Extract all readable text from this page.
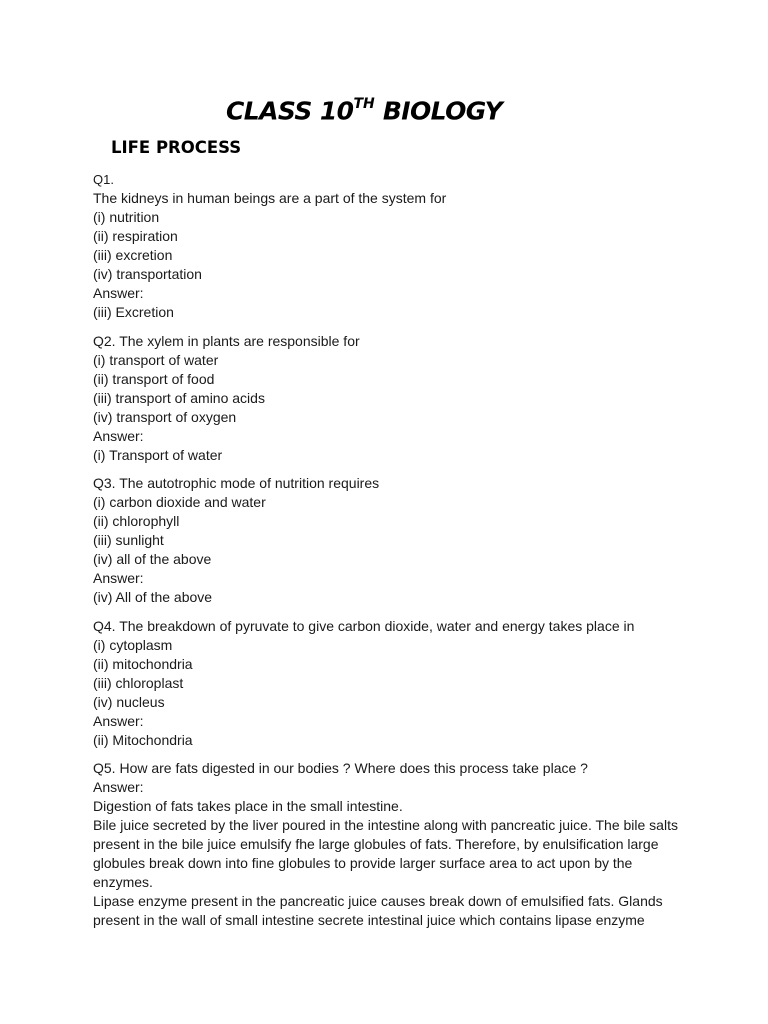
CLASS 10TH BIOLOGY
LIFE PROCESS
Q1.
The kidneys in human beings are a part of the system for
(i) nutrition
(ii) respiration
(iii) excretion
(iv) transportation
Answer:
(iii) Excretion
Q2. The xylem in plants are responsible for
(i) transport of water
(ii) transport of food
(iii) transport of amino acids
(iv) transport of oxygen
Answer:
(i) Transport of water
Q3. The autotrophic mode of nutrition requires
(i) carbon dioxide and water
(ii) chlorophyll
(iii) sunlight
(iv) all of the above
Answer:
(iv) All of the above
Q4. The breakdown of pyruvate to give carbon dioxide, water and energy takes place in
(i) cytoplasm
(ii) mitochondria
(iii) chloroplast
(iv) nucleus
Answer:
(ii) Mitochondria
Q5. How are fats digested in our bodies ? Where does this process take place ?
Answer:
Digestion of fats takes place in the small intestine.
Bile juice secreted by the liver poured in the intestine along with pancreatic juice. The bile salts present in the bile juice emulsify fhe large globules of fats. Therefore, by enulsification large globules break down into fine globules to provide larger surface area to act upon by the enzymes.
Lipase enzyme present in the pancreatic juice causes break down of emulsified fats. Glands present in the wall of small intestine secrete intestinal juice which contains lipase enzyme
